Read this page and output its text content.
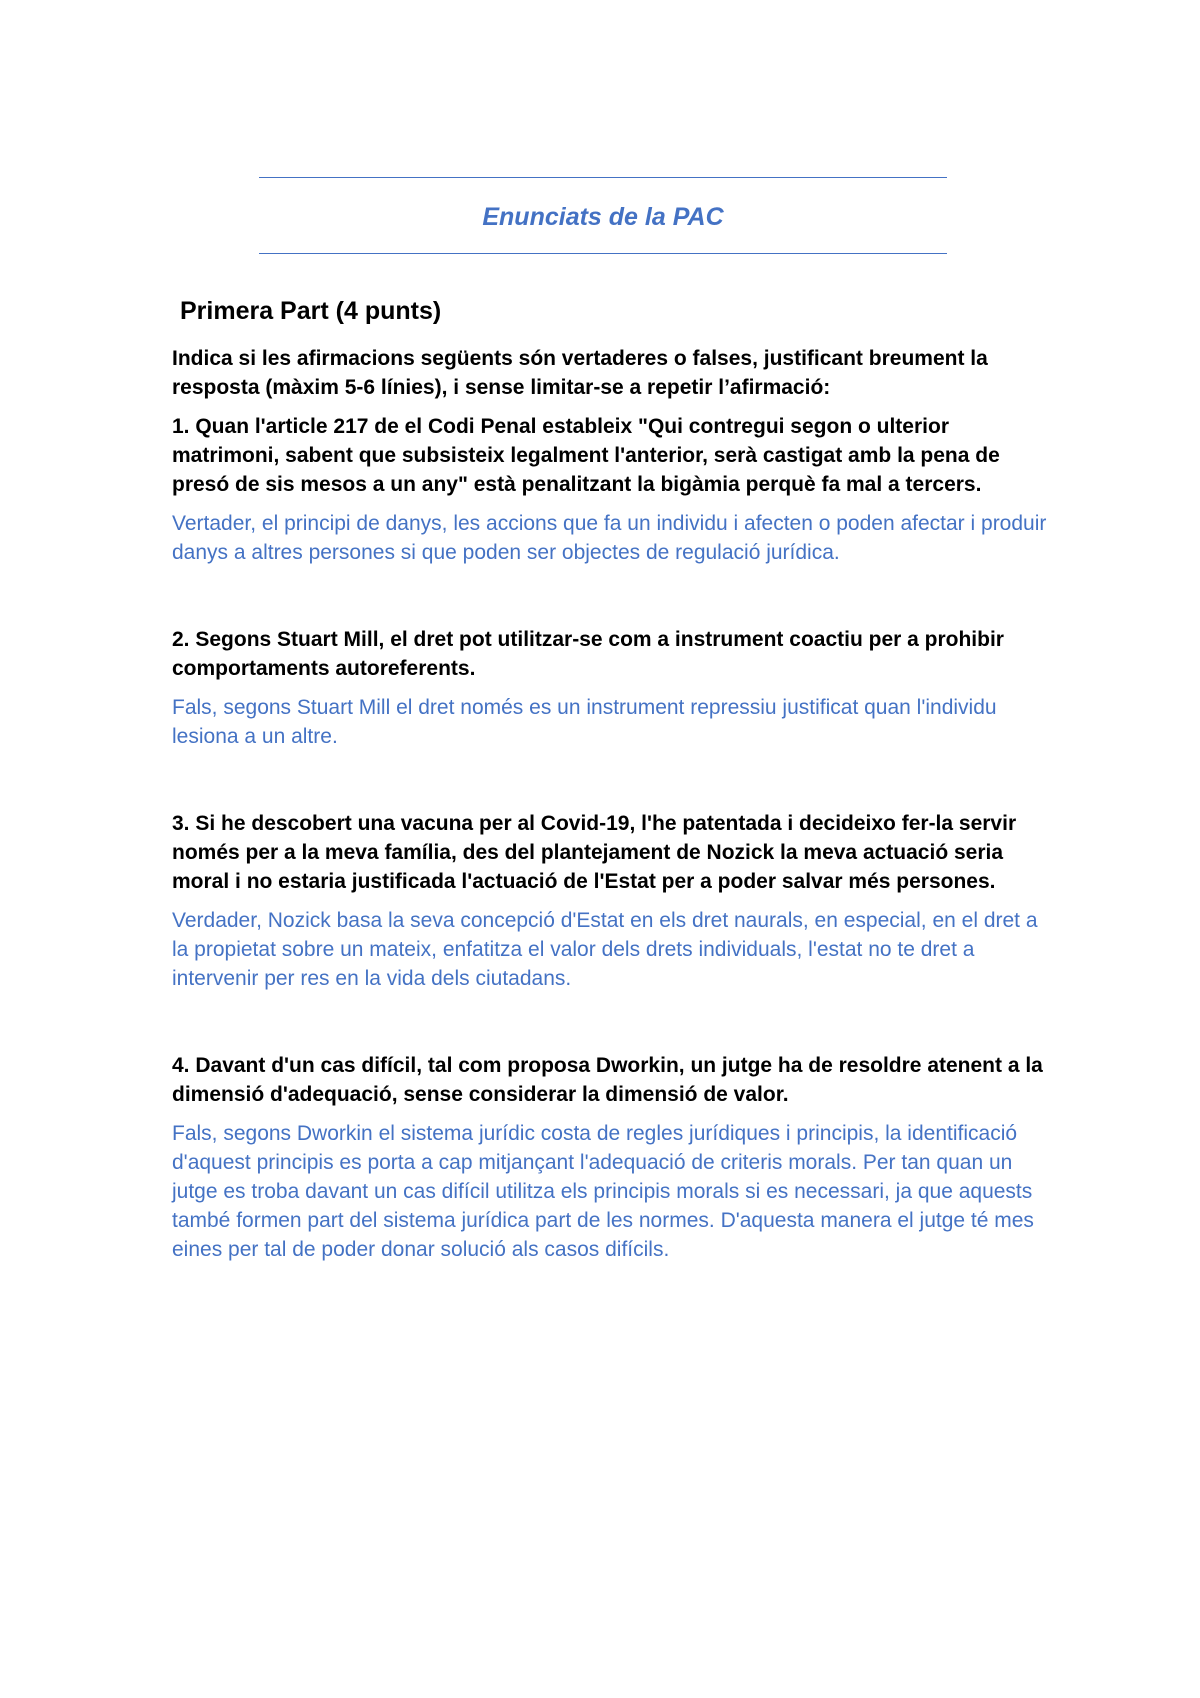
Enunciats de la PAC
Primera Part (4 punts)

Indica si les afirmacions següents són vertaderes o falses, justificant breument la resposta (màxim 5-6 línies), i sense limitar-se a repetir l’afirmació:

1. Quan l'article 217 de el Codi Penal estableix "Qui contregui segon o ulterior matrimoni, sabent que subsisteix legalment l'anterior, serà castigat amb la pena de presó de sis mesos a un any" està penalitzant la bigàmia perquè fa mal a tercers.

Vertader, el principi de danys, les accions que fa un individu i afecten o poden afectar i produir danys a altres persones si que poden ser objectes de regulació jurídica.

2. Segons Stuart Mill, el dret pot utilitzar-se com a instrument coactiu per a prohibir comportaments autoreferents.

Fals, segons Stuart Mill el dret només es un instrument repressiu justificat quan l'individu lesiona a un altre.

3. Si he descobert una vacuna per al Covid-19, l'he patentada i decideixo fer-la servir només per a la meva família, des del plantejament de Nozick la meva actuació seria moral i no estaria justificada l'actuació de l'Estat per a poder salvar més persones.

Verdader, Nozick basa la seva concepció d'Estat en els dret naurals, en especial, en el dret a la propietat sobre un mateix, enfatitza el valor dels drets individuals, l'estat no te dret a intervenir per res en la vida dels ciutadans.

4. Davant d'un cas difícil, tal com proposa Dworkin, un jutge ha de resoldre atenent a la dimensió d'adequació, sense considerar la dimensió de valor.

Fals, segons Dworkin el sistema jurídic costa de regles jurídiques i principis, la identificació d'aquest principis es porta a cap mitjançant l'adequació de criteris morals. Per tan quan un jutge es troba davant un cas difícil utilitza els principis morals si es necessari, ja que aquests també formen part del sistema jurídica part de les normes. D'aquesta manera el jutge té mes eines per tal de poder donar solució als casos difícils.
